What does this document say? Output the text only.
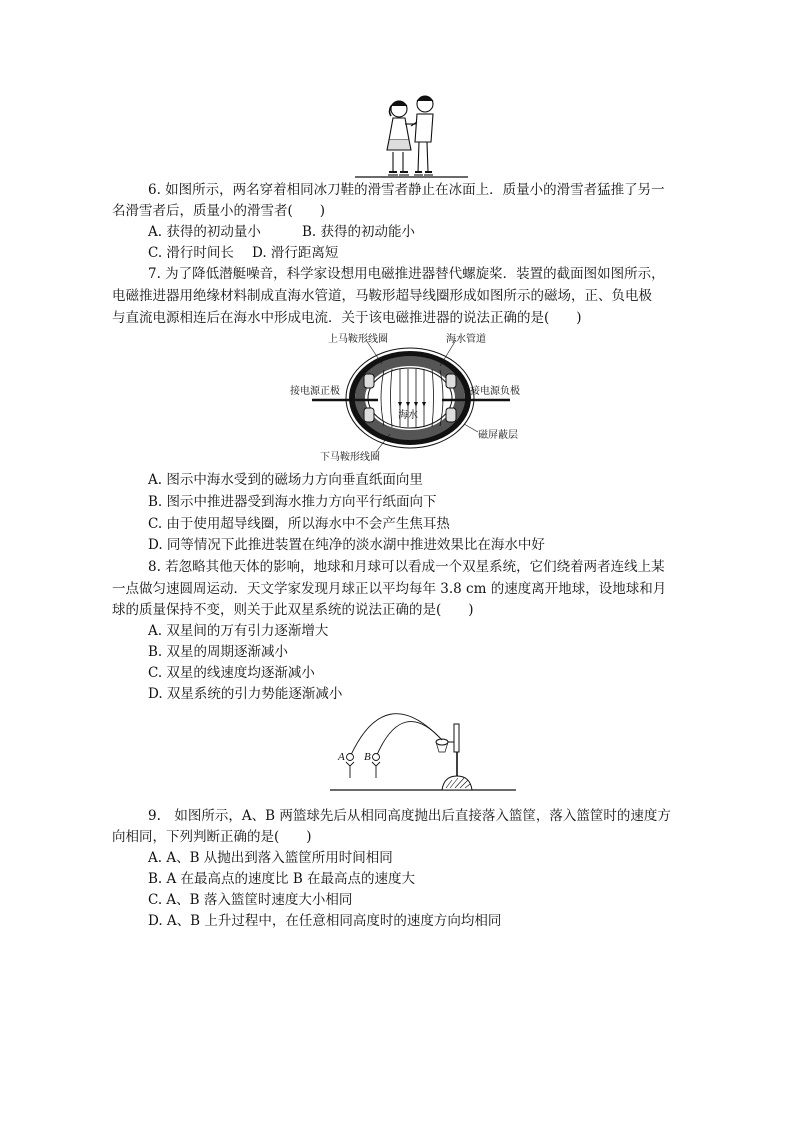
6. 如图所示，两名穿着相同冰刀鞋的滑雪者静止在冰面上．质量小的滑雪者猛推了另一
名滑雪者后，质量小的滑雪者(　　)
A. 获得的初动量小	B. 获得的初动能小
C. 滑行时间长 D. 滑行距离短
7. 为了降低潜艇噪音，科学家设想用电磁推进器替代螺旋桨．装置的截面图如图所示，
电磁推进器用绝缘材料制成直海水管道，马鞍形超导线圈形成如图所示的磁场，正、负电极
与直流电源相连后在海水中形成电流．关于该电磁推进器的说法正确的是(　　)
上马鞍形线圈	海水管道
接电源正极	接电源负极
海水
磁屏蔽层
下马鞍形线圈
A. 图示中海水受到的磁场力方向垂直纸面向里
B. 图示中推进器受到海水推力方向平行纸面向下
C. 由于使用超导线圈，所以海水中不会产生焦耳热
D. 同等情况下此推进装置在纯净的淡水湖中推进效果比在海水中好
8. 若忽略其他天体的影响，地球和月球可以看成一个双星系统，它们绕着两者连线上某
一点做匀速圆周运动．天文学家发现月球正以平均每年 3.8 cm 的速度离开地球，设地球和月
球的质量保持不变，则关于此双星系统的说法正确的是(　　)
A. 双星间的万有引力逐渐增大
B. 双星的周期逐渐减小
C. 双星的线速度均逐渐减小
D. 双星系统的引力势能逐渐减小
A B
9.　如图所示，A、B 两篮球先后从相同高度抛出后直接落入篮筐，落入篮筐时的速度方
向相同，下列判断正确的是(　　)
A. A、B 从抛出到落入篮筐所用时间相同
B. A 在最高点的速度比 B 在最高点的速度大
C. A、B 落入篮筐时速度大小相同
D. A、B 上升过程中，在任意相同高度时的速度方向均相同
